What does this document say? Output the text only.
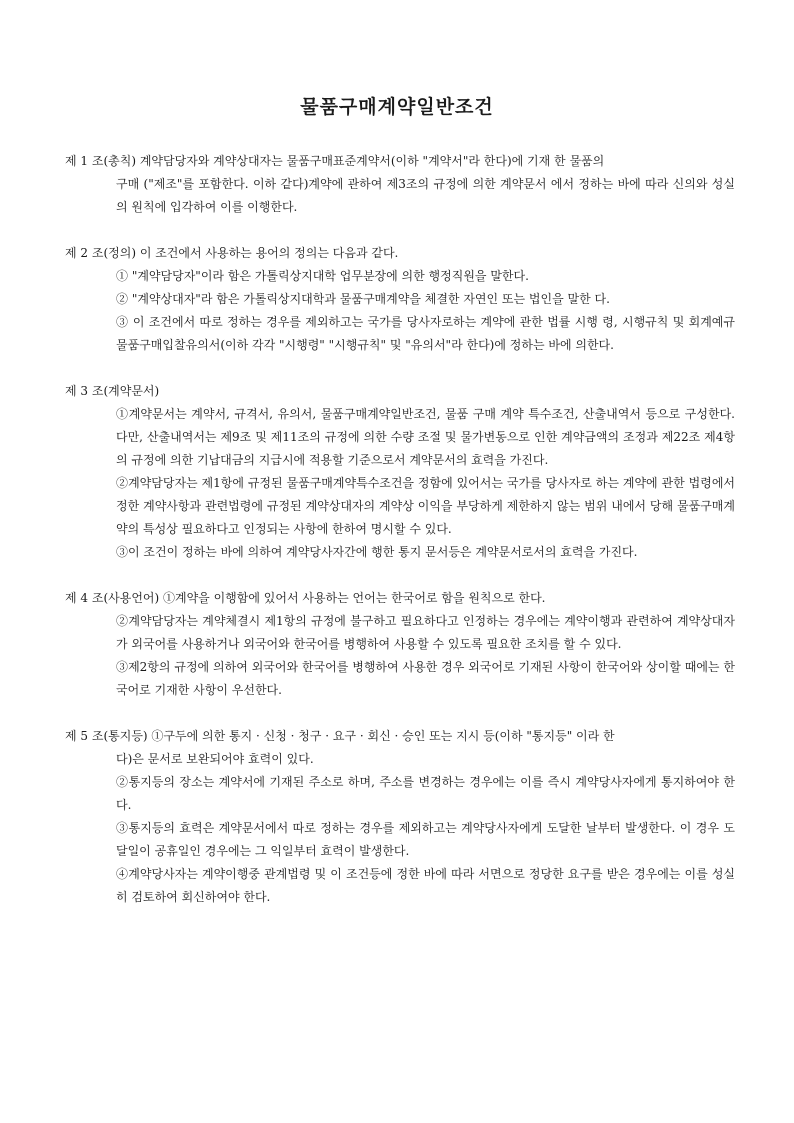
물품구매계약일반조건
제 1 조(총칙) 계약담당자와 계약상대자는 물품구매표준계약서(이하 "계약서"라 한다)에 기재 한 물품의
구매 ("제조"를 포함한다. 이하 같다)계약에 관하여 제3조의 규정에 의한 계약문서 에서 정하는 바에 따라 신의와 성실의 원칙에 입각하여 이를 이행한다.
제 2 조(정의) 이 조건에서 사용하는 용어의 정의는 다음과 같다.
① "계약담당자"이라 함은 가톨릭상지대학 업무분장에 의한 행정직원을 말한다.
② "계약상대자"라 함은 가톨릭상지대학과 물품구매계약을 체결한 자연인 또는 법인을 말한 다.
③ 이 조건에서 따로 정하는 경우를 제외하고는 국가를 당사자로하는 계약에 관한 법률 시행 령, 시행규칙 및 회계예규 물품구매입찰유의서(이하 각각 "시행령" "시행규칙" 및 "유의서"라 한다)에 정하는 바에 의한다.
제 3 조(계약문서)
①계약문서는 계약서, 규격서, 유의서, 물품구매계약일반조건, 물품 구매 계약 특수조건, 산출내역서 등으로 구성한다. 다만, 산출내역서는 제9조 및 제11조의 규정에 의한 수량 조절 및 물가변동으로 인한 계약금액의 조정과 제22조 제4항의 규정에 의한 기납대금의 지급시에 적용할 기준으로서 계약문서의 효력을 가진다.
②계약담당자는 제1항에 규정된 물품구매계약특수조건을 정함에 있어서는 국가를 당사자로 하는 계약에 관한 법령에서 정한 계약사항과 관련법령에 규정된 계약상대자의 계약상 이익을 부당하게 제한하지 않는 범위 내에서 당해 물품구매계약의 특성상 필요하다고 인정되는 사항에 한하여 명시할 수 있다.
③이 조건이 정하는 바에 의하여 계약당사자간에 행한 통지 문서등은 계약문서로서의 효력을 가진다.
제 4 조(사용언어) ①계약을 이행함에 있어서 사용하는 언어는 한국어로 함을 원칙으로 한다.
②계약담당자는 계약체결시 제1항의 규정에 불구하고 필요하다고 인정하는 경우에는 계약이행과 관련하여 계약상대자가 외국어를 사용하거나 외국어와 한국어를 병행하여 사용할 수 있도록 필요한 조치를 할 수 있다.
③제2항의 규정에 의하여 외국어와 한국어를 병행하여 사용한 경우 외국어로 기재된 사항이 한국어와 상이할 때에는 한국어로 기재한 사항이 우선한다.
제 5 조(통지등) ①구두에 의한 통지 · 신청 · 청구 · 요구 · 회신 · 승인 또는 지시 등(이하 "통지등" 이라 한
다)은 문서로 보완되어야 효력이 있다.
②통지등의 장소는 계약서에 기재된 주소로 하며, 주소를 변경하는 경우에는 이를 즉시 계약당사자에게 통지하여야 한다.
③통지등의 효력은 계약문서에서 따로 정하는 경우를 제외하고는 계약당사자에게 도달한 날부터 발생한다. 이 경우 도달일이 공휴일인 경우에는 그 익일부터 효력이 발생한다.
④계약당사자는 계약이행중 관계법령 및 이 조건등에 정한 바에 따라 서면으로 정당한 요구를 받은 경우에는 이를 성실히 검토하여 회신하여야 한다.
